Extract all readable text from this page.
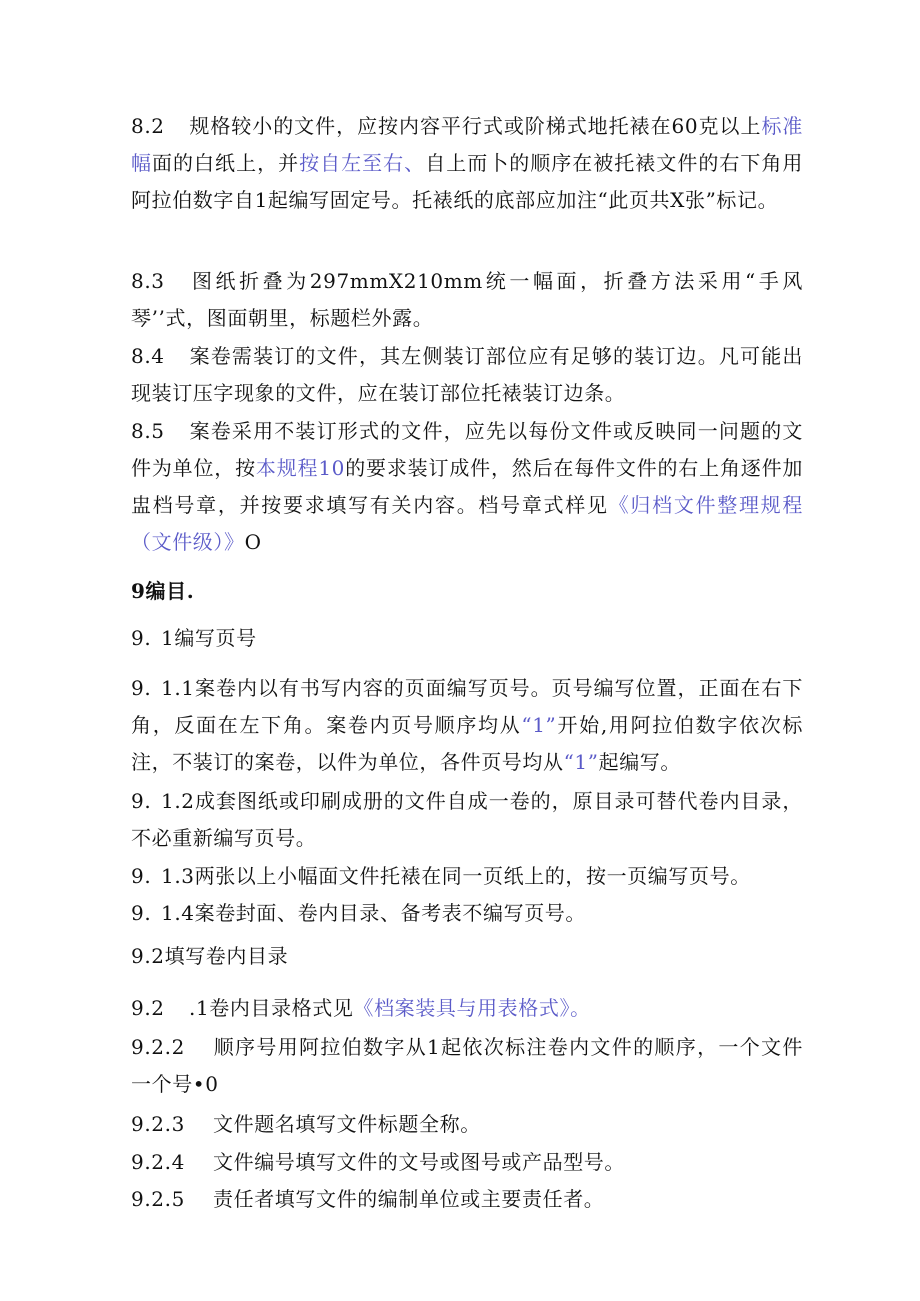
8.2 规格较小的文件，应按内容平行式或阶梯式地托裱在60克以上标准幅面的白纸上，并按自左至右、自上而卜的顺序在被托裱文件的右下角用阿拉伯数字自1起编写固定号。托裱纸的底部应加注“此页共X张”标记。

8.3 图纸折叠为297mmX210mm统一幅面，折叠方法采用“手风琴’’式，图面朝里，标题栏外露。

8.4 案卷需装订的文件，其左侧装订部位应有足够的装订边。凡可能出现装订压字现象的文件，应在装订部位托裱装订边条。

8.5 案卷采用不装订形式的文件，应先以每份文件或反映同一问题的文件为单位，按本规程10的要求装订成件，然后在每件文件的右上角逐件加盅档号章，并按要求填写有关内容。档号章式样见《归档文件整理规程（文件级）》O

9编目.

9. 1编写页号

9. 1.1案卷内以有书写内容的页面编写页号。页号编写位置，正面在右下角，反面在左下角。案卷内页号顺序均从“1”开始,用阿拉伯数字依次标注，不装订的案卷，以件为单位，各件页号均从“1”起编写。

9. 1.2成套图纸或印刷成册的文件自成一卷的，原目录可替代卷内目录，不必重新编写页号。

9. 1.3两张以上小幅面文件托裱在同一页纸上的，按一页编写页号。

9. 1.4案卷封面、卷内目录、备考表不编写页号。

9.2填写卷内目录

9.2 .1卷内目录格式见《档案装具与用表格式》。

9.2.2 顺序号用阿拉伯数字从1起依次标注卷内文件的顺序，一个文件一个号•0

9.2.3 文件题名填写文件标题全称。

9.2.4 文件编号填写文件的文号或图号或产品型号。

9.2.5 责任者填写文件的编制单位或主要责任者。
